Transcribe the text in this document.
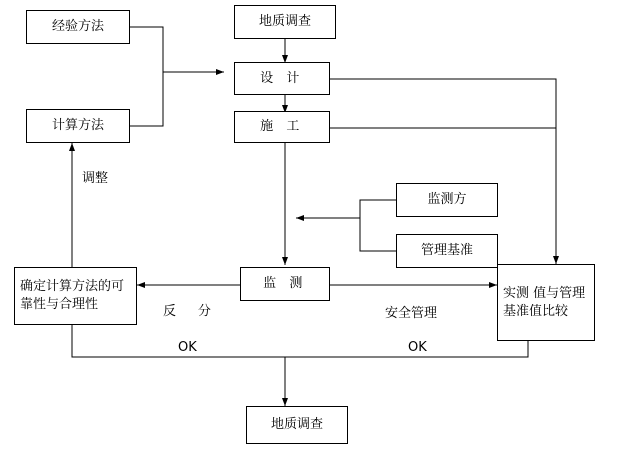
经验方法	地质调查
计算方法
设 计
施 工
监测方
管理基准
确定计算方法的可靠性与合理性
监 测
实测 值与管理基准值比较
地质调查
调整
反  分	安全管理
OK	OK
